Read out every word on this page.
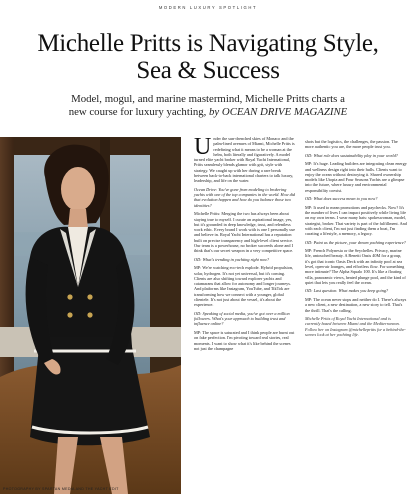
MODERN LUXURY SPOTLIGHT
Michelle Pritts is Navigating Style, Sea & Success

Model, mogul, and marine mastermind, Michelle Pritts charts a new course for luxury yachting, by OCEAN DRIVE MAGAZINE

PHOTOGRAPHY BY SPARTAN MEDIA AND THE YACHT EDIT

Under the sun-drenched skies of Monaco and the palm-lined avenues of Miami, Michelle Pritts is redefining what it means to be a woman at the helm, both literally and figuratively. A model turned elite yacht broker with Royal Yacht International, Pritts seamlessly blends glamor with grit, style with strategy. We caught up with her during a rare break between back-to-back international charters to talk luxury, leadership, and life on the water.

Ocean Drive: You've gone from modeling to brokering yachts with one of the top companies in the world. How did that evolution happen and how do you balance those two identities?

Michelle Pritts: Merging the two has always been about staying true to myself. I curate an aspirational image, yes, but it's grounded in deep knowledge, trust, and relentless work ethic. Every brand I work with is one I personally use and believe in. Royal Yacht International has a reputation built on precise transparency and high-level client service. Our team is a powerhouse, no broker succeeds alone and I think that's our secret weapon in a very competitive space.

OD: What's trending in yachting right now?

MP: We're watching eco-tech explode. Hybrid propulsion, solar, hydrogen. It's not yet universal, but it's coming. Clients are also shifting toward explorer yachts and catamarans that allow for autonomy and longer journeys. And platforms like Instagram, YouTube, and TikTok are transforming how we connect with a younger, global clientele. It's not just about the vessel, it's about the experience.

OD: Speaking of social media, you've got over a million followers. What's your approach to building trust and influence online?

MP: The space is saturated and I think people are burnt out on fake perfection. I'm pivoting toward real stories, real moments. I want to show what it's like behind the scenes not just the champagne

shots but the logistics, the challenges, the passion. The more authentic you are, the more people trust you.

OD: What role does sustainability play in your world?

MP: It's huge. Leading builders are integrating clean energy and wellness design right into their hulls. Clients want to enjoy the ocean without destroying it. Shared ownership models like Utopia and Four Seasons Yachts are a glimpse into the future, where luxury and environmental responsibility coexist.

OD: What does success mean to you now?

MP: It used to mean promotions and paychecks. Now? It's the number of lives I can impact positively while living life on my own terms. I wear many hats: spokeswoman, model, strategist, broker. That variety is part of the fulfillment. And with each client, I'm not just finding them a boat, I'm curating a lifestyle, a memory, a legacy.

OD: Paint us the picture, your dream yachting experience?

MP: French Polynesia or the Seychelles. Privacy, marine life, untouched beauty. A Benetti Oasis 40M for a group, it's got that iconic Oasis Deck with an infinity pool at sea level, open-air lounges, and effortless flow. For something more intimate? The Alpha Squalo 100. It's like a floating villa, panoramic views, heated plunge pool, and the kind of quiet that lets you really feel the ocean.

OD: Last question. What makes you keep going?

MP: The ocean never stops and neither do I. There's always a new client, a new destination, a new story to tell. That's the thrill. That's the calling.

Michelle Pritts of Royal Yacht International and is currently based between Miami and the Mediterranean. Follow her on Instagram @michellepritts for a behind-the-scenes look at her yachting life.
